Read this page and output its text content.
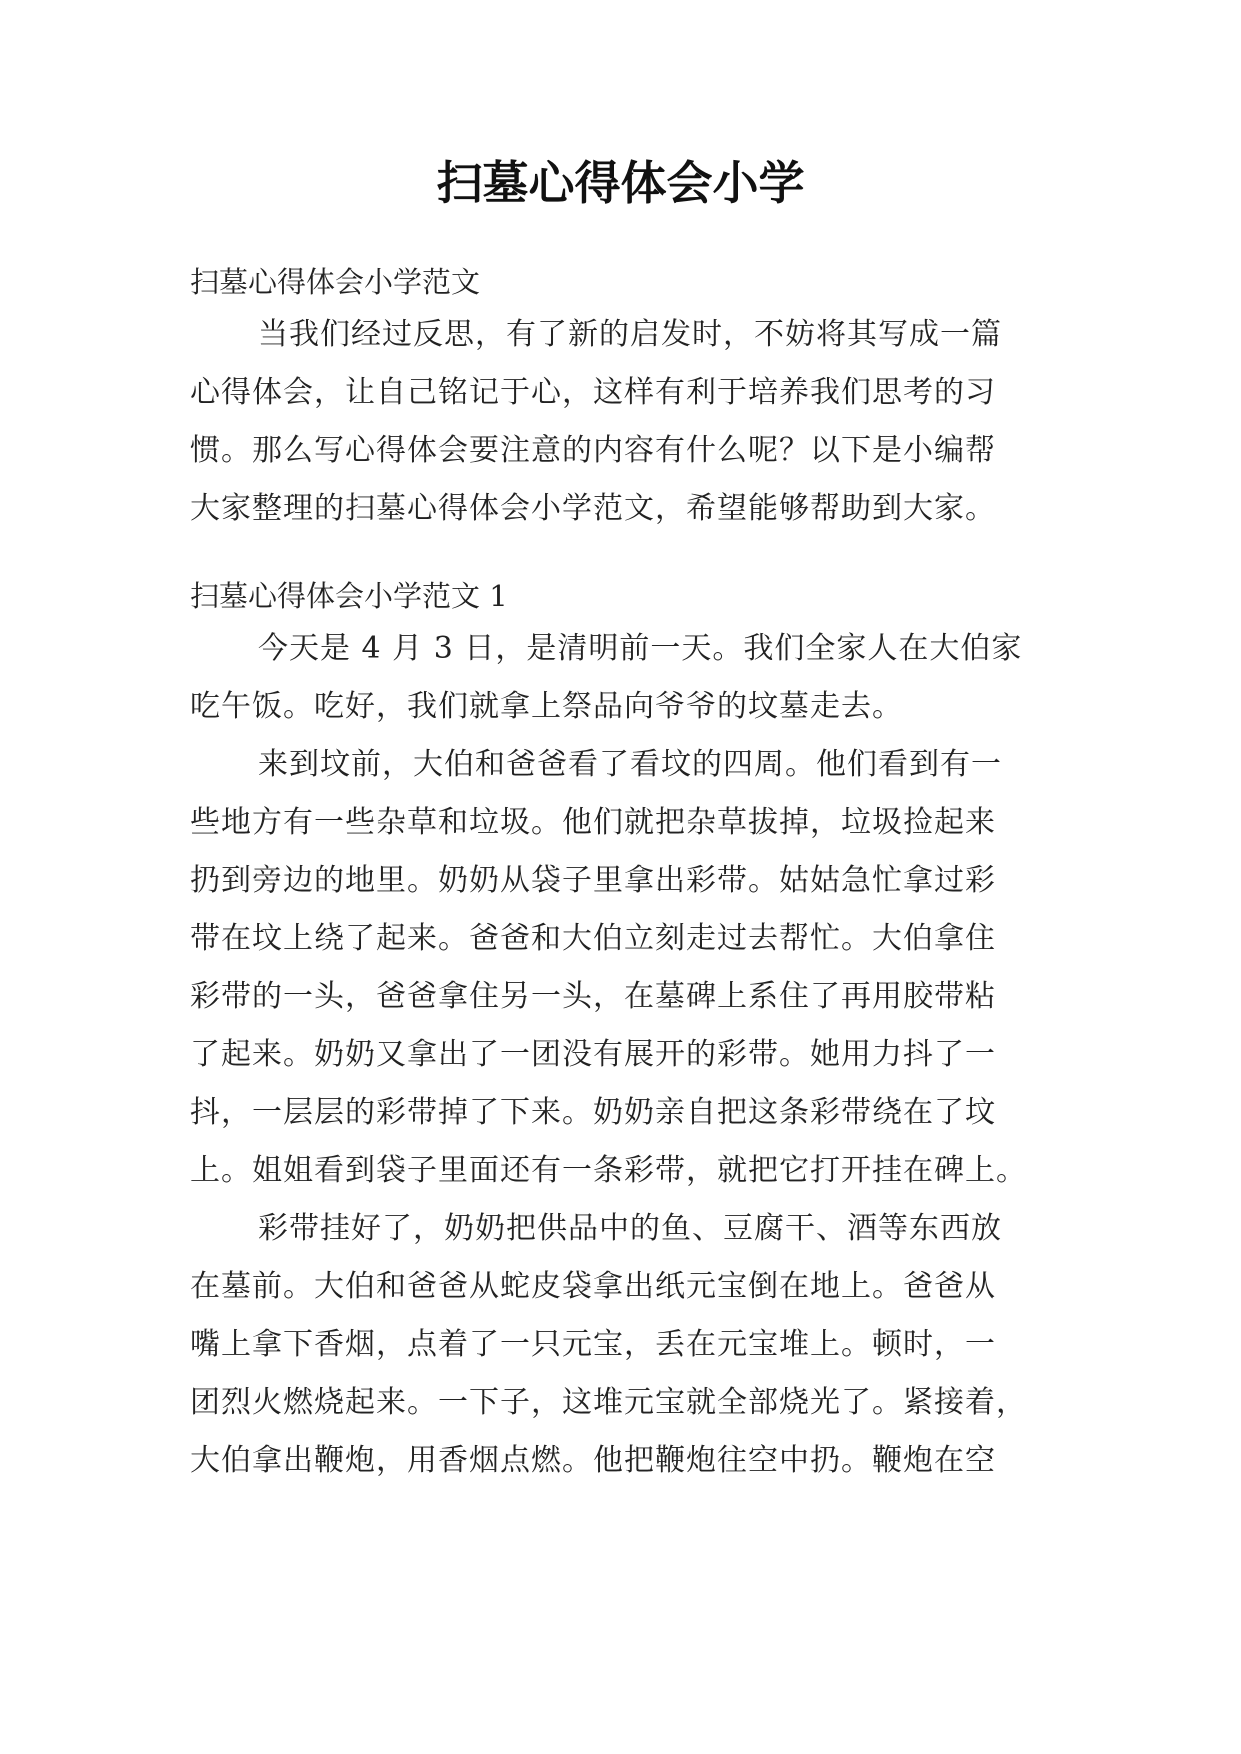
扫墓心得体会小学
扫墓心得体会小学范文
当我们经过反思，有了新的启发时，不妨将其写成一篇
心得体会，让自己铭记于心，这样有利于培养我们思考的习
惯。那么写心得体会要注意的内容有什么呢？以下是小编帮
大家整理的扫墓心得体会小学范文，希望能够帮助到大家。
扫墓心得体会小学范文 1
今天是 4 月 3 日，是清明前一天。我们全家人在大伯家
吃午饭。吃好，我们就拿上祭品向爷爷的坟墓走去。
来到坟前，大伯和爸爸看了看坟的四周。他们看到有一
些地方有一些杂草和垃圾。他们就把杂草拔掉，垃圾捡起来
扔到旁边的地里。奶奶从袋子里拿出彩带。姑姑急忙拿过彩
带在坟上绕了起来。爸爸和大伯立刻走过去帮忙。大伯拿住
彩带的一头，爸爸拿住另一头，在墓碑上系住了再用胶带粘
了起来。奶奶又拿出了一团没有展开的彩带。她用力抖了一
抖，一层层的彩带掉了下来。奶奶亲自把这条彩带绕在了坟
上。姐姐看到袋子里面还有一条彩带，就把它打开挂在碑上。
彩带挂好了，奶奶把供品中的鱼、豆腐干、酒等东西放
在墓前。大伯和爸爸从蛇皮袋拿出纸元宝倒在地上。爸爸从
嘴上拿下香烟，点着了一只元宝，丢在元宝堆上。顿时，一
团烈火燃烧起来。一下子，这堆元宝就全部烧光了。紧接着，
大伯拿出鞭炮，用香烟点燃。他把鞭炮往空中扔。鞭炮在空
